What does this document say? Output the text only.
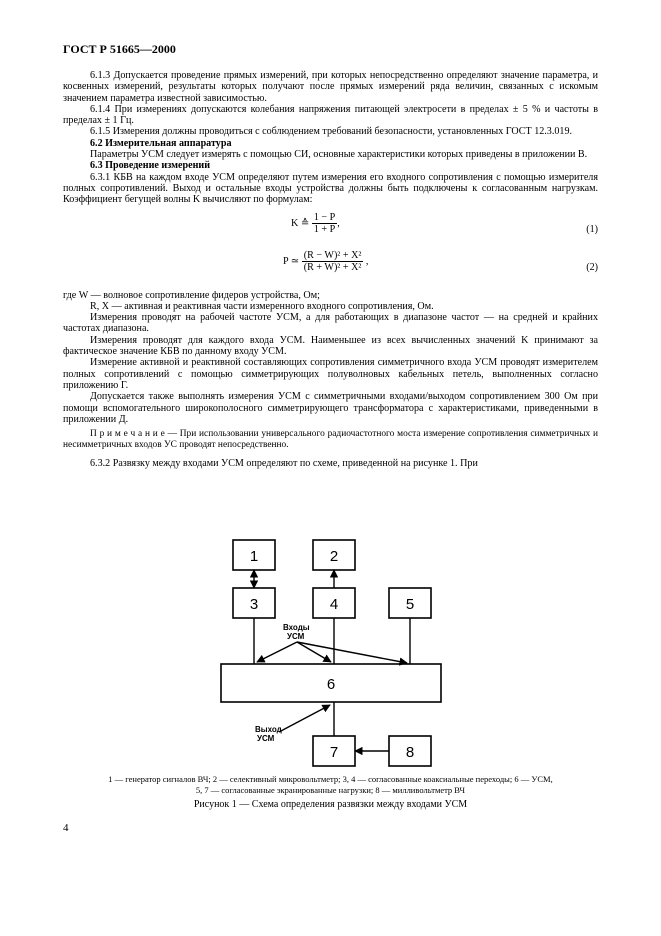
ГОСТ Р 51665—2000

6.1.3 Допускается проведение прямых измерений, при которых непосредственно определяют значение параметра, и косвенных измерений, результаты которых получают после прямых измерений ряда величин, связанных с искомым значением параметра известной зависимостью.

6.1.4 При измерениях допускаются колебания напряжения питающей электросети в пределах ± 5 % и частоты в пределах ± 1 Гц.

6.1.5 Измерения должны проводиться с соблюдением требований безопасности, установленных ГОСТ 12.3.019.

6.2 Измерительная аппаратура

Параметры УСМ следует измерять с помощью СИ, основные характеристики которых приведены в приложении В.

6.3 Проведение измерений

6.3.1 КБВ на каждом входе УСМ определяют путем измерения его входного сопротивления с помощью измерителя полных сопротивлений. Выход и остальные входы устройства должны быть подключены к согласованным нагрузкам. Коэффициент бегущей волны K вычисляют по формулам:

K ≙ $\frac{1 - P}{1 + P}$ ,
(1)
P ≃ $\frac{\text{(R − W)² + X²}}{\text{(R + W)² + X²}}$ ,
(2)

где W — волновое сопротивление фидеров устройства, Ом;

R, X — активная и реактивная части измеренного входного сопротивления, Ом.

Измерения проводят на рабочей частоте УСМ, а для работающих в диапазоне частот — на средней и крайних частотах диапазона.

Измерения проводят для каждого входа УСМ. Наименьшее из всех вычисленных значений K принимают за фактическое значение КБВ по данному входу УСМ.

Измерение активной и реактивной составляющих сопротивления симметричного входа УСМ проводят измерителем полных сопротивлений с помощью симметрирующих полуволновых кабельных петель, выполненных согласно приложению Г.

Допускается также выполнять измерения УСМ с симметричными входами/выходом сопротивлением 300 Ом при помощи вспомогательного широкополосного симметрирующего трансформатора с характеристиками, приведенными в приложении Д.

П р и м е ч а н и е — При использовании универсального радиочастотного моста измерение сопротивления симметричных и несимметричных входов УС проводят непосредственно.

6.3.2 Развязку между входами УСМ определяют по схеме, приведенной на рисунке 1. При

1	2
3	4	5
6
7	8
Входы
УСМ
Выход
УСМ
1 — генератор сигналов ВЧ; 2 — селективный микровольтметр; 3, 4 — согласованные коаксиальные переходы; 6 — УСМ,
5, 7 — согласованные экранированные нагрузки; 8 — милливольтметр ВЧ
Рисунок 1 — Схема определения развязки между входами УСМ
4
